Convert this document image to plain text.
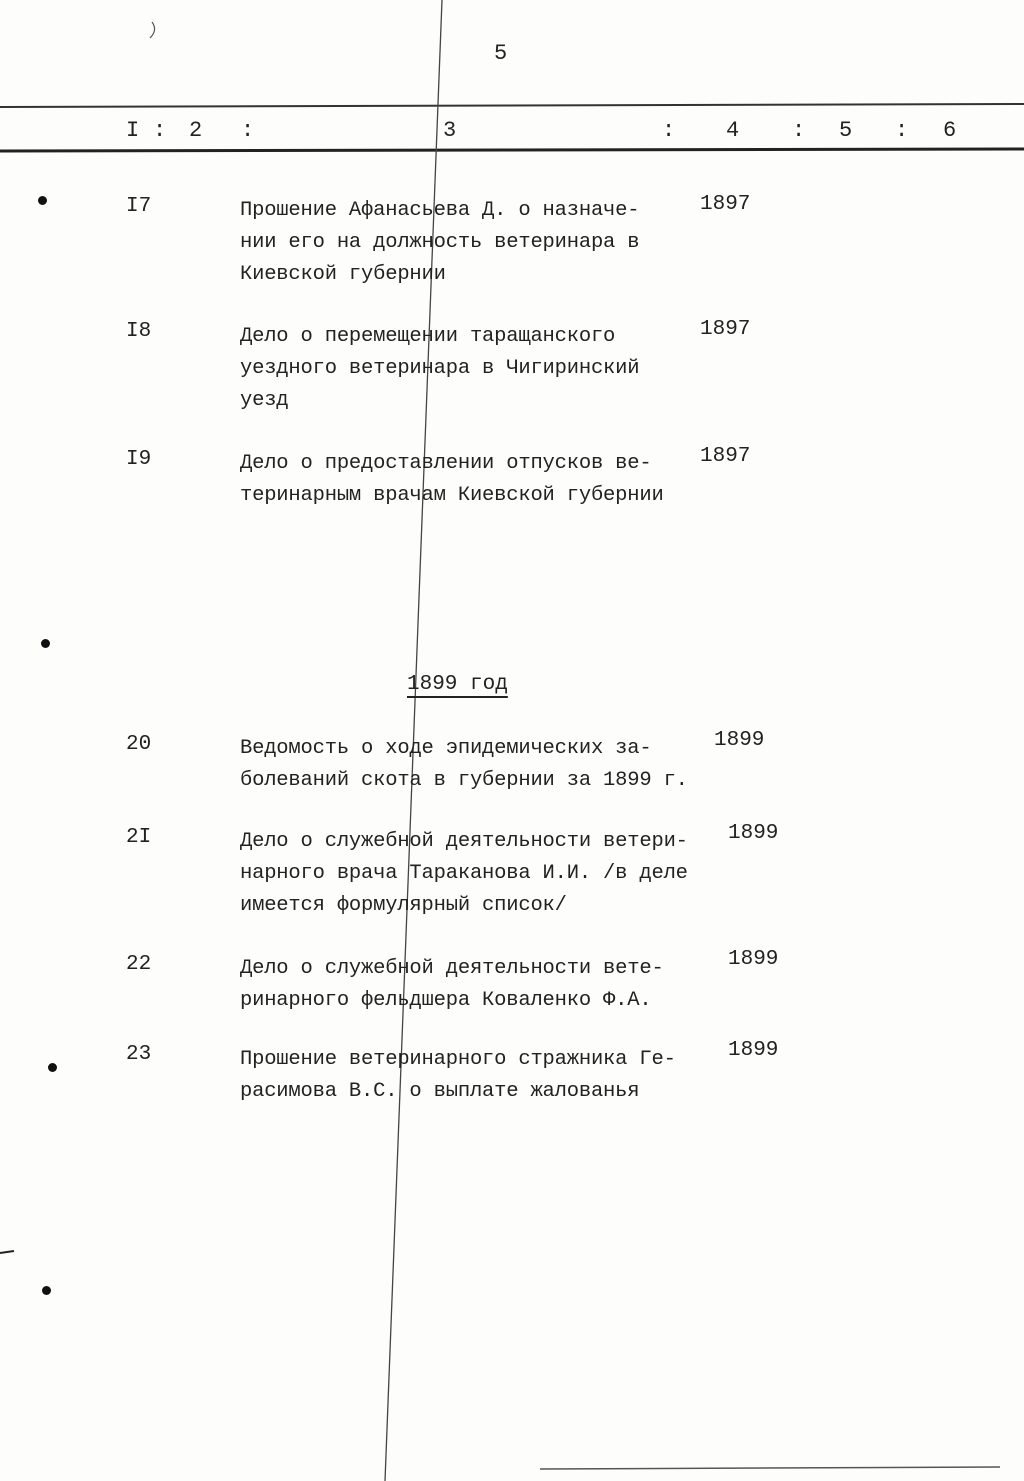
5
I : 2 :	3	: 4 : 5 : 6
I7	Прошение Афанасьева Д. о назначе-
нии его на должность ветеринара в
Киевской губернии
1897
I8	Дело о перемещении таращанского
уездного ветеринара в Чигиринский
уезд
1897
I9	Дело о предоставлении отпусков ве-
теринарным врачам Киевской губернии
1897
1899 год
20	Ведомость о ходе эпидемических за-
болеваний скота в губернии за 1899 г.
1899
2I	Дело о служебной деятельности ветери-
нарного врача Тараканова И.И. /в деле
имеется формулярный список/
1899
22	Дело о служебной деятельности вете-
ринарного фельдшера Коваленко Ф.А.
1899
23	Прошение ветеринарного стражника Ге-
расимова В.С. о выплате жалованья
1899
